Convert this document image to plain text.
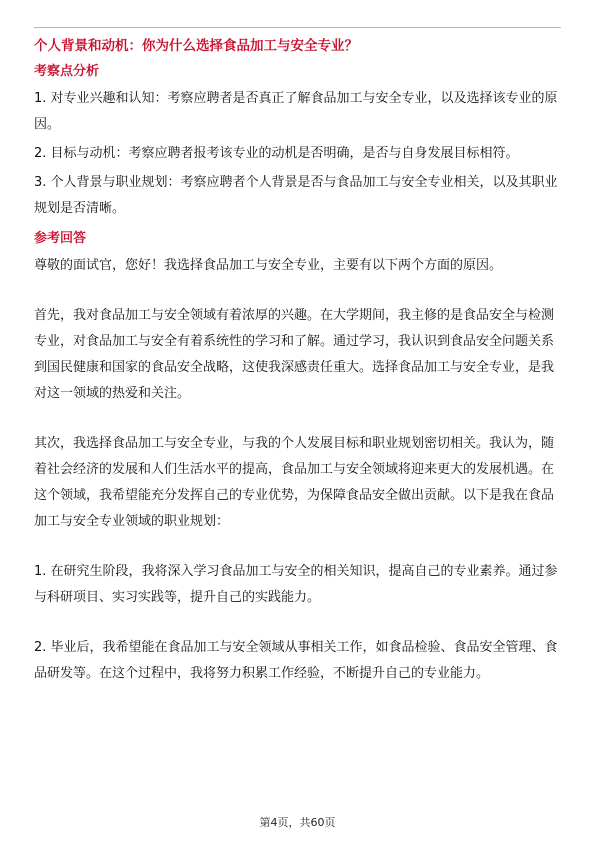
个人背景和动机：你为什么选择食品加工与安全专业？
考察点分析
1. 对专业兴趣和认知：考察应聘者是否真正了解食品加工与安全专业，以及选择该专业的原因。
2. 目标与动机：考察应聘者报考该专业的动机是否明确，是否与自身发展目标相符。
3. 个人背景与职业规划：考察应聘者个人背景是否与食品加工与安全专业相关，以及其职业规划是否清晰。
参考回答

尊敬的面试官，您好！我选择食品加工与安全专业，主要有以下两个方面的原因。

首先，我对食品加工与安全领域有着浓厚的兴趣。在大学期间，我主修的是食品安全与检测专业，对食品加工与安全有着系统性的学习和了解。通过学习，我认识到食品安全问题关系到国民健康和国家的食品安全战略，这使我深感责任重大。选择食品加工与安全专业，是我对这一领域的热爱和关注。

其次，我选择食品加工与安全专业，与我的个人发展目标和职业规划密切相关。我认为，随着社会经济的发展和人们生活水平的提高，食品加工与安全领域将迎来更大的发展机遇。在这个领域，我希望能充分发挥自己的专业优势，为保障食品安全做出贡献。以下是我在食品加工与安全专业领域的职业规划：

1. 在研究生阶段，我将深入学习食品加工与安全的相关知识，提高自己的专业素养。通过参与科研项目、实习实践等，提升自己的实践能力。

2. 毕业后，我希望能在食品加工与安全领域从事相关工作，如食品检验、食品安全管理、食品研发等。在这个过程中，我将努力积累工作经验，不断提升自己的专业能力。

第4页，共60页
